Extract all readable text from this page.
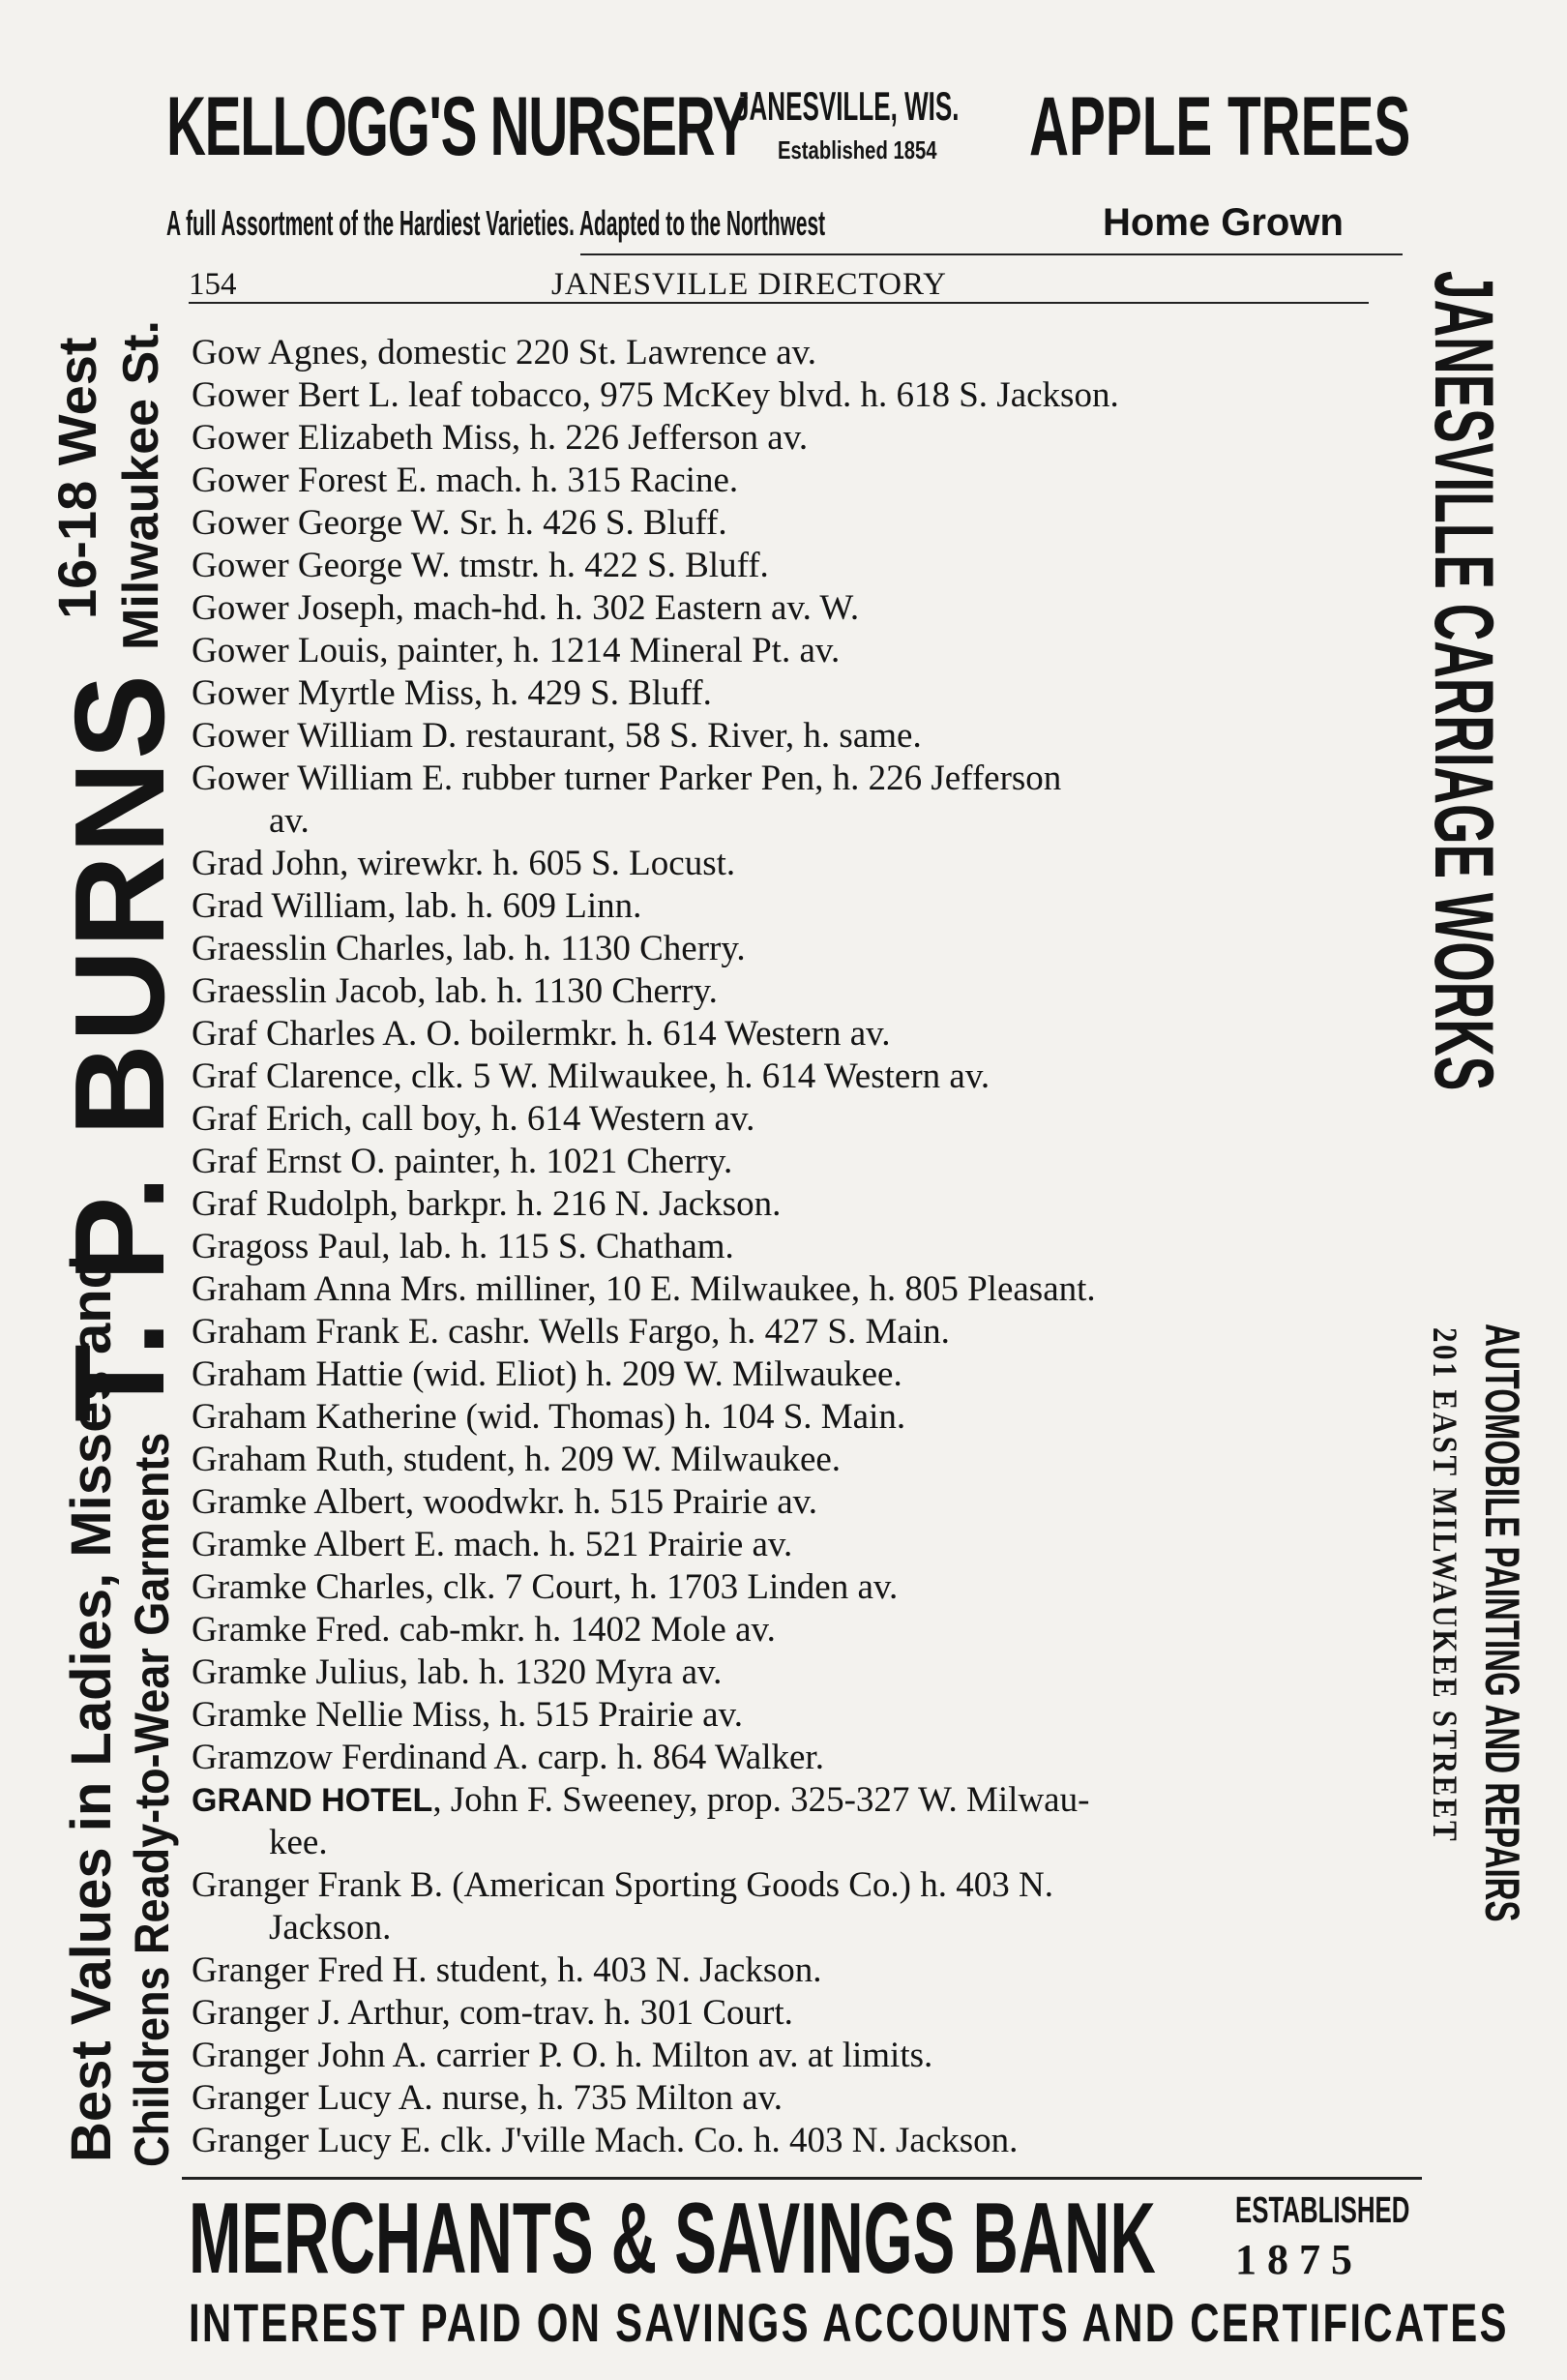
KELLOGG'S NURSERY
JANESVILLE, WIS.
Established 1854 APPLE TREES
A full Assortment of the Hardiest Varieties. Adapted to the Northwest	Home Grown
154	JANESVILLE DIRECTORY
Gow Agnes, domestic 220 St. Lawrence av.
Gower Bert L. leaf tobacco, 975 McKey blvd. h. 618 S. Jackson.
Gower Elizabeth Miss, h. 226 Jefferson av.
Gower Forest E. mach. h. 315 Racine.
Gower George W. Sr. h. 426 S. Bluff.
Gower George W. tmstr. h. 422 S. Bluff.
Gower Joseph, mach-hd. h. 302 Eastern av. W.
Gower Louis, painter, h. 1214 Mineral Pt. av.
Gower Myrtle Miss, h. 429 S. Bluff.
Gower William D. restaurant, 58 S. River, h. same.
Gower William E. rubber turner Parker Pen, h. 226 Jefferson
av.
Grad John, wirewkr. h. 605 S. Locust.
Grad William, lab. h. 609 Linn.
Graesslin Charles, lab. h. 1130 Cherry.
Graesslin Jacob, lab. h. 1130 Cherry.
Graf Charles A. O. boilermkr. h. 614 Western av.
Graf Clarence, clk. 5 W. Milwaukee, h. 614 Western av.
Graf Erich, call boy, h. 614 Western av.
Graf Ernst O. painter, h. 1021 Cherry.
Graf Rudolph, barkpr. h. 216 N. Jackson.
Gragoss Paul, lab. h. 115 S. Chatham.
Graham Anna Mrs. milliner, 10 E. Milwaukee, h. 805 Pleasant.
Graham Frank E. cashr. Wells Fargo, h. 427 S. Main.
Graham Hattie (wid. Eliot) h. 209 W. Milwaukee.
Graham Katherine (wid. Thomas) h. 104 S. Main.
Graham Ruth, student, h. 209 W. Milwaukee.
Gramke Albert, woodwkr. h. 515 Prairie av.
Gramke Albert E. mach. h. 521 Prairie av.
Gramke Charles, clk. 7 Court, h. 1703 Linden av.
Gramke Fred. cab-mkr. h. 1402 Mole av.
Gramke Julius, lab. h. 1320 Myra av.
Gramke Nellie Miss, h. 515 Prairie av.
Gramzow Ferdinand A. carp. h. 864 Walker.
GRAND HOTEL, John F. Sweeney, prop. 325-327 W. Milwau-
kee.
Granger Frank B. (American Sporting Goods Co.) h. 403 N.
Jackson.
Granger Fred H. student, h. 403 N. Jackson.
Granger J. Arthur, com-trav. h. 301 Court.
Granger John A. carrier P. O. h. Milton av. at limits.
Granger Lucy A. nurse, h. 735 Milton av.
Granger Lucy E. clk. J'ville Mach. Co. h. 403 N. Jackson.
Best Values in Ladies, Misses and Childrens Ready-to-Wear Garments
T. P. BURNS
16-18 West Milwaukee St.	JANESVILLE CARRIAGE WORKS
AUTOMOBILE PAINTING AND REPAIRS
201 EAST MILWAUKEE STREET
MERCHANTS & SAVINGS BANK ESTABLISHED
1875
INTEREST PAID ON SAVINGS ACCOUNTS AND CERTIFICATES
